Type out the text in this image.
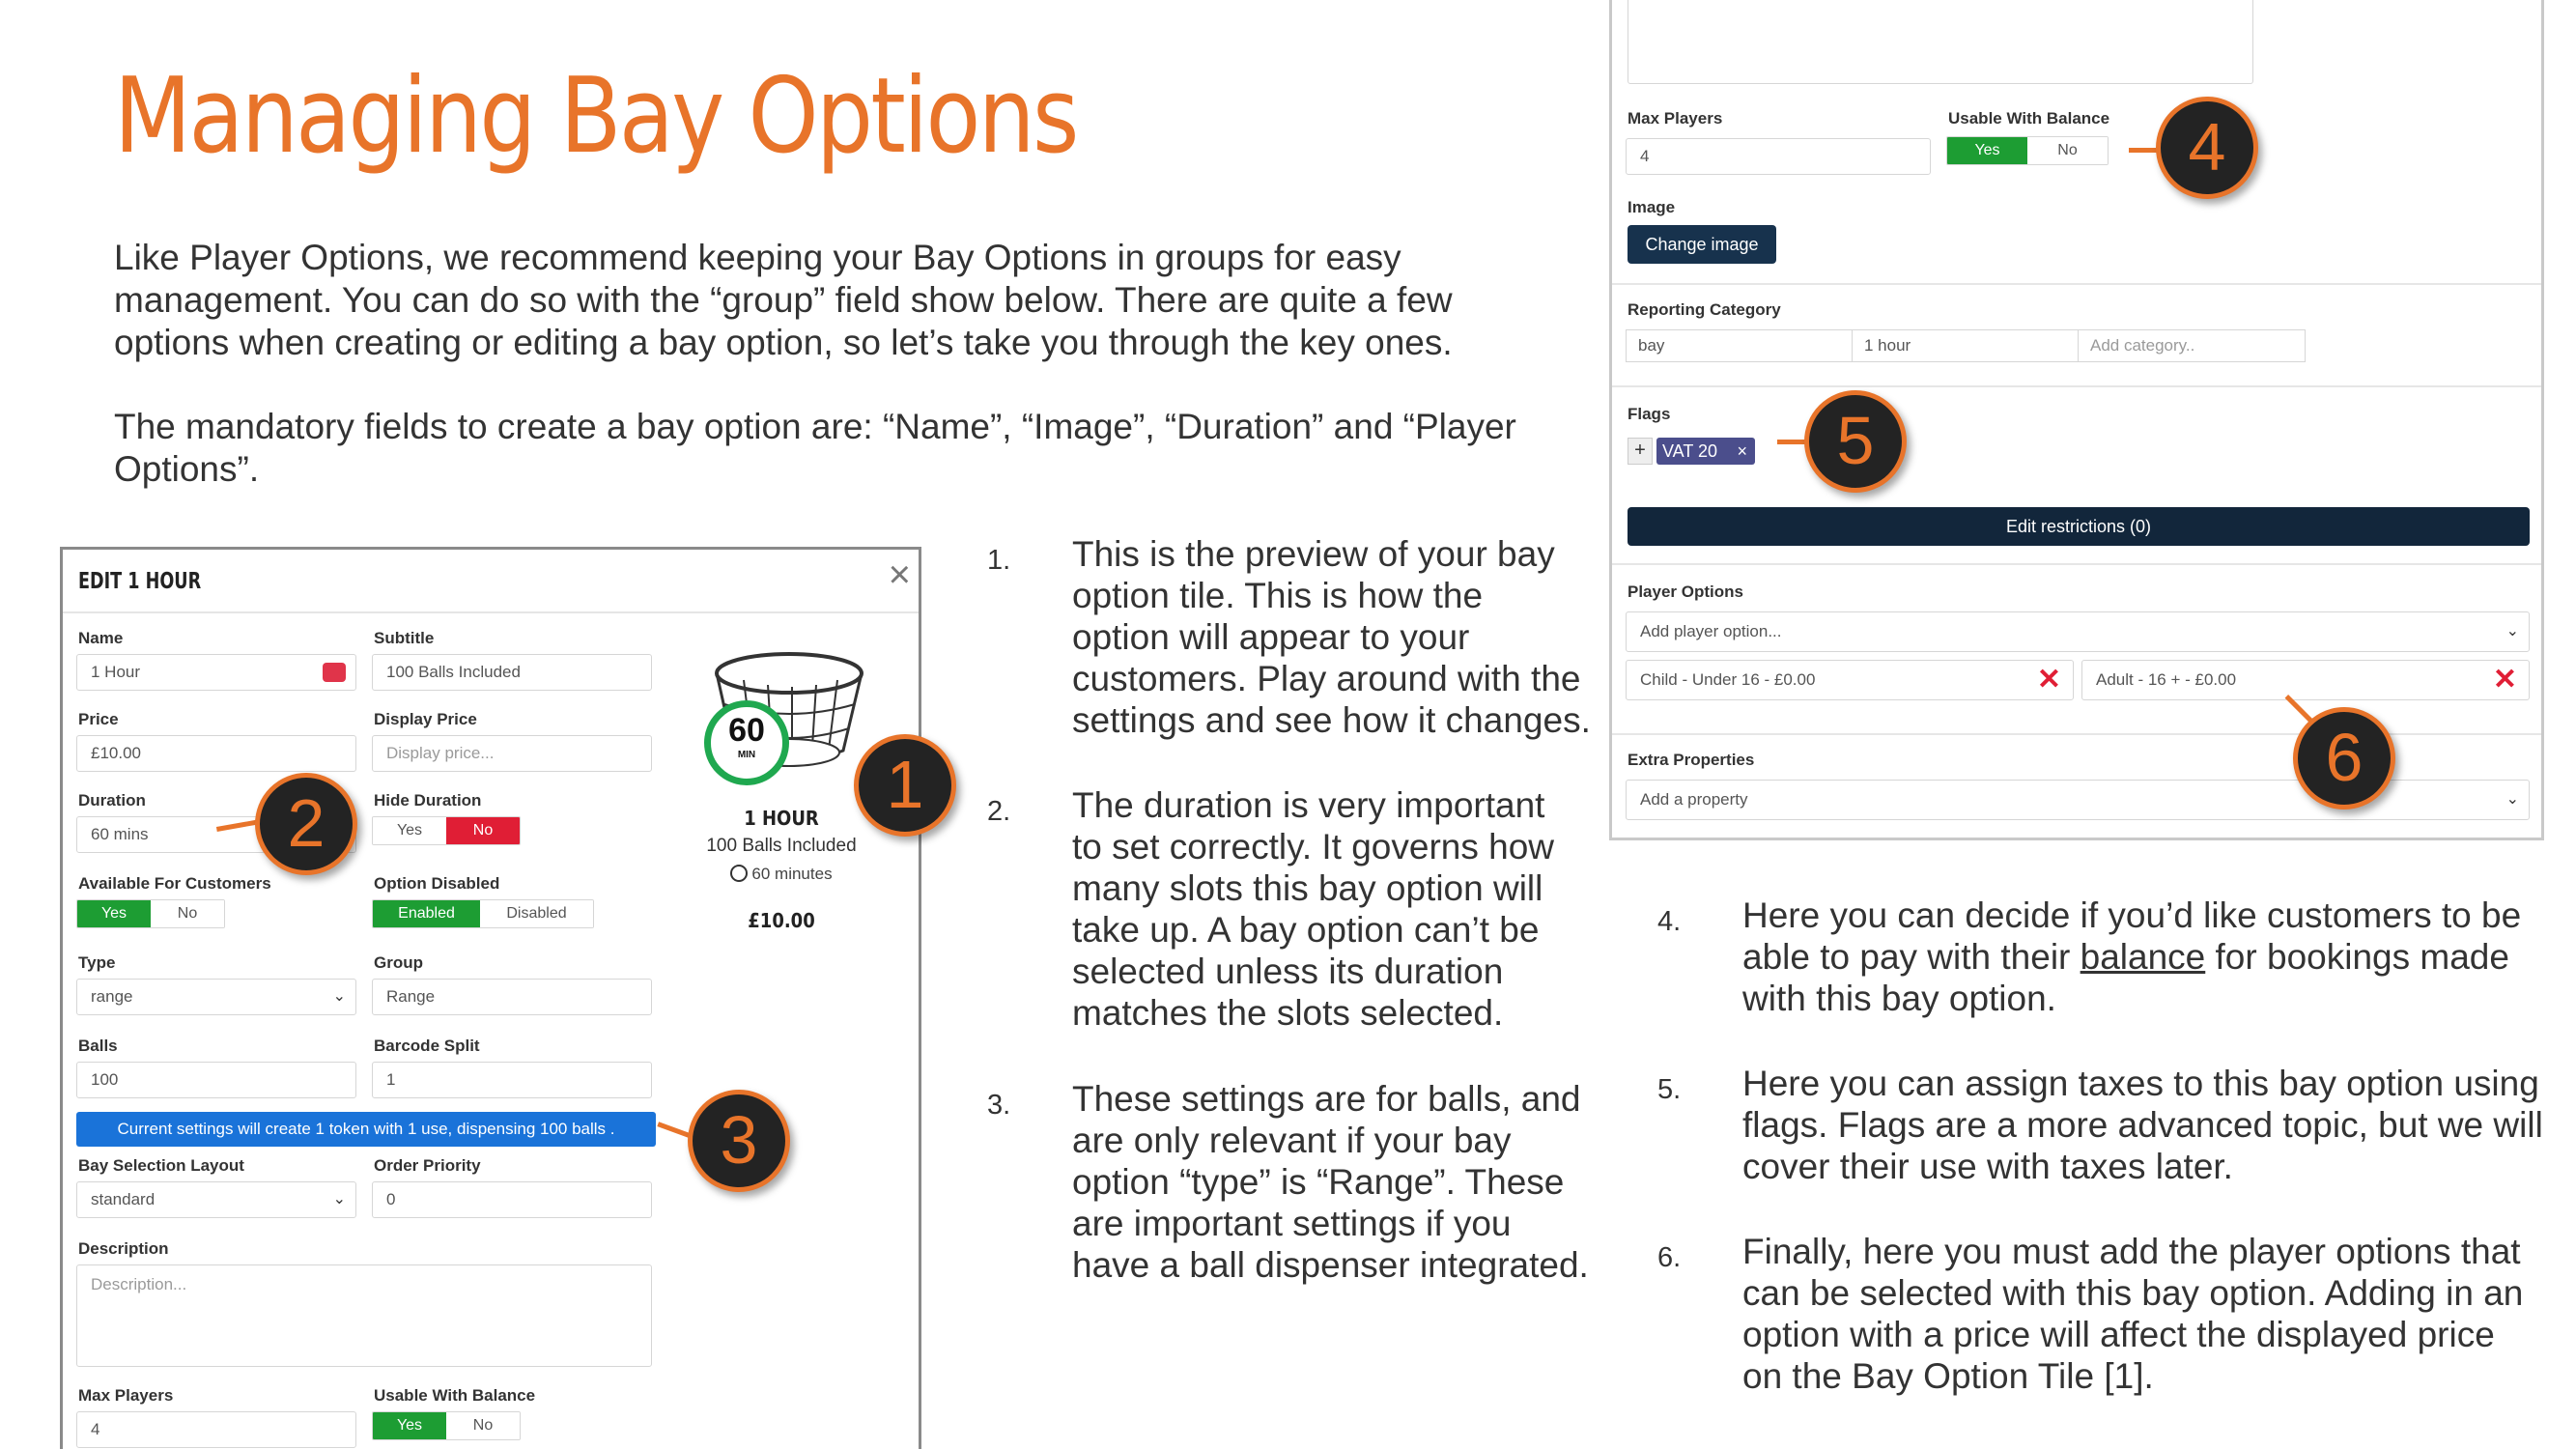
Managing Bay Options
Like Player Options, we recommend keeping your Bay Options in groups for easy
management. You can do so with the “group” field show below. There are quite a few
options when creating or editing a bay option, so let’s take you through the key ones.
The mandatory fields to create a bay option are: “Name”, “Image”, “Duration” and “Player
Options”.
EDIT 1 HOUR	×
Name
1 Hour
Subtitle
100 Balls Included
Price
£10.00
Display Price
Display price...
Duration
60 mins
Hide Duration
Yes	No
Available For Customers
Yes	No
Option Disabled
Enabled	Disabled
Type
range	⌄
Group
Range
Balls
100
Barcode Split
1
Current settings will create 1 token with 1 use, dispensing 100 balls .
Bay Selection Layout
standard	⌄
Order Priority
0
Description
Description...
Max Players
4
Usable With Balance
Yes	No
60
MIN
1 HOUR
100 Balls Included
60 minutes
£10.00
1
2
3
1. This is the preview of your bay
option tile. This is how the
option will appear to your
customers. Play around with the
settings and see how it changes.
2. The duration is very important
to set correctly. It governs how
many slots this bay option will
take up. A bay option can’t be
selected unless its duration
matches the slots selected.
3. These settings are for balls, and
are only relevant if your bay
option “type” is “Range”. These
are important settings if you
have a ball dispenser integrated.
Max Players
4
Usable With Balance
Yes	No
Image
Change image
Reporting Category
bay	1 hour	Add category..
Flags
+ VAT 20 ×
Edit restrictions (0)
Player Options
Add player option...	⌄
Child - Under 16 - £0.00	✕	Adult - 16 + - £0.00	✕
Extra Properties
Add a property	⌄
4
5
6
4. Here you can decide if you’d like customers to be
able to pay with their balance for bookings made
with this bay option.
5. Here you can assign taxes to this bay option using
flags. Flags are a more advanced topic, but we will
cover their use with taxes later.
6. Finally, here you must add the player options that
can be selected with this bay option. Adding in an
option with a price will affect the displayed price
on the Bay Option Tile [1].
